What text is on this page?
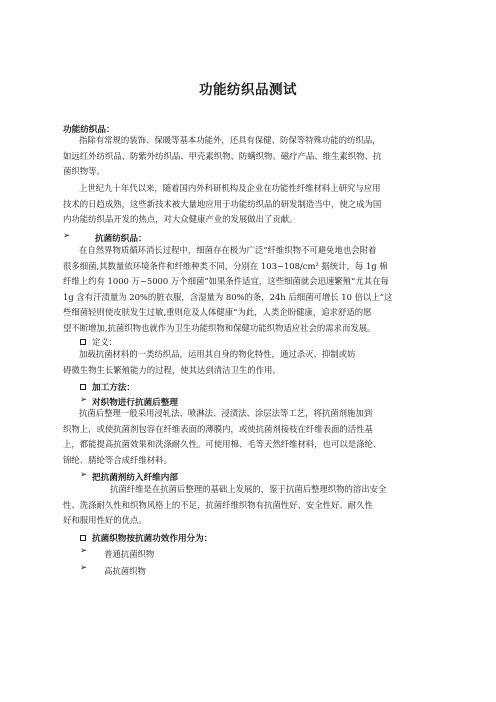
功能纺织品测试
功能纺织品：
指除有常规的装饰、保暖等基本功能外，还具有保健、防保等特殊功能的纺织品，
如远红外纺织品、防紫外纺织品、甲壳素织物、防螨织物、磁疗产品、维生素织物、抗
菌织物等。
上世纪九十年代以来，随着国内外科研机构及企业在功能性纤维材料上研究与应用
技术的日趋成熟，这些新技术被大量地应用于功能纺织品的研发制造当中，使之成为国
内功能纺织品开发的热点，对大众健康产业的发展做出了贡献。
➢	抗菌纺织品：
在自然界物质循环消长过程中，细菌存在极为广泛“纤维织物不可避免地也会附着
很多细菌,其数量依环境条件和纤维种类不同，分别在 103~108/cm² 据统计，每 1g 棉
纤维上约有 1000 万~5000 万个细菌”如果条件适宜，这些细菌就会迅速繁殖“尤其在每
1g 含有汗渍量为 20%的脏衣服，含湿量为 80%的条，24h 后细菌可增长 10 倍以上”这
些细菌轻则使皮肤发生过敏,重则危及人体健康“为此，人类企盼健康，追求舒适的愿
望不断增加,抗菌织物也就作为卫生功能织物和保健功能织物适应社会的需求而发展。
定义：
加载抗菌材料的一类纺织品，运用其自身的物化特性，通过杀灭、抑制或妨
碍微生物生长繁殖能力的过程，使其达到清洁卫生的作用。
加工方法：
➢ 对织物进行抗菌后整理
抗菌后整理一般采用浸轧法、喷淋法、浸渍法、涂层法等工艺，将抗菌剂施加到
织物上，或使抗菌剂包容在纤维表面的薄膜内，或使抗菌剂接枝在纤维表面的活性基
上，都能提高抗菌效果和洗涤耐久性。可使用棉、毛等天然纤维材料，也可以是涤纶、
锦纶、腈纶等合成纤维材料。
➢ 把抗菌剂纺入纤维内部
抗菌纤维是在抗菌后整理的基础上发展的，鉴于抗菌后整理织物的溶出安全
性、洗涤耐久性和织物风格上的不足，抗菌纤维织物有抗菌性好、安全性好、耐久性
好和服用性好的优点。
抗菌织物按抗菌功效作用分为：
➢ 普通抗菌织物
➢ 高抗菌织物
